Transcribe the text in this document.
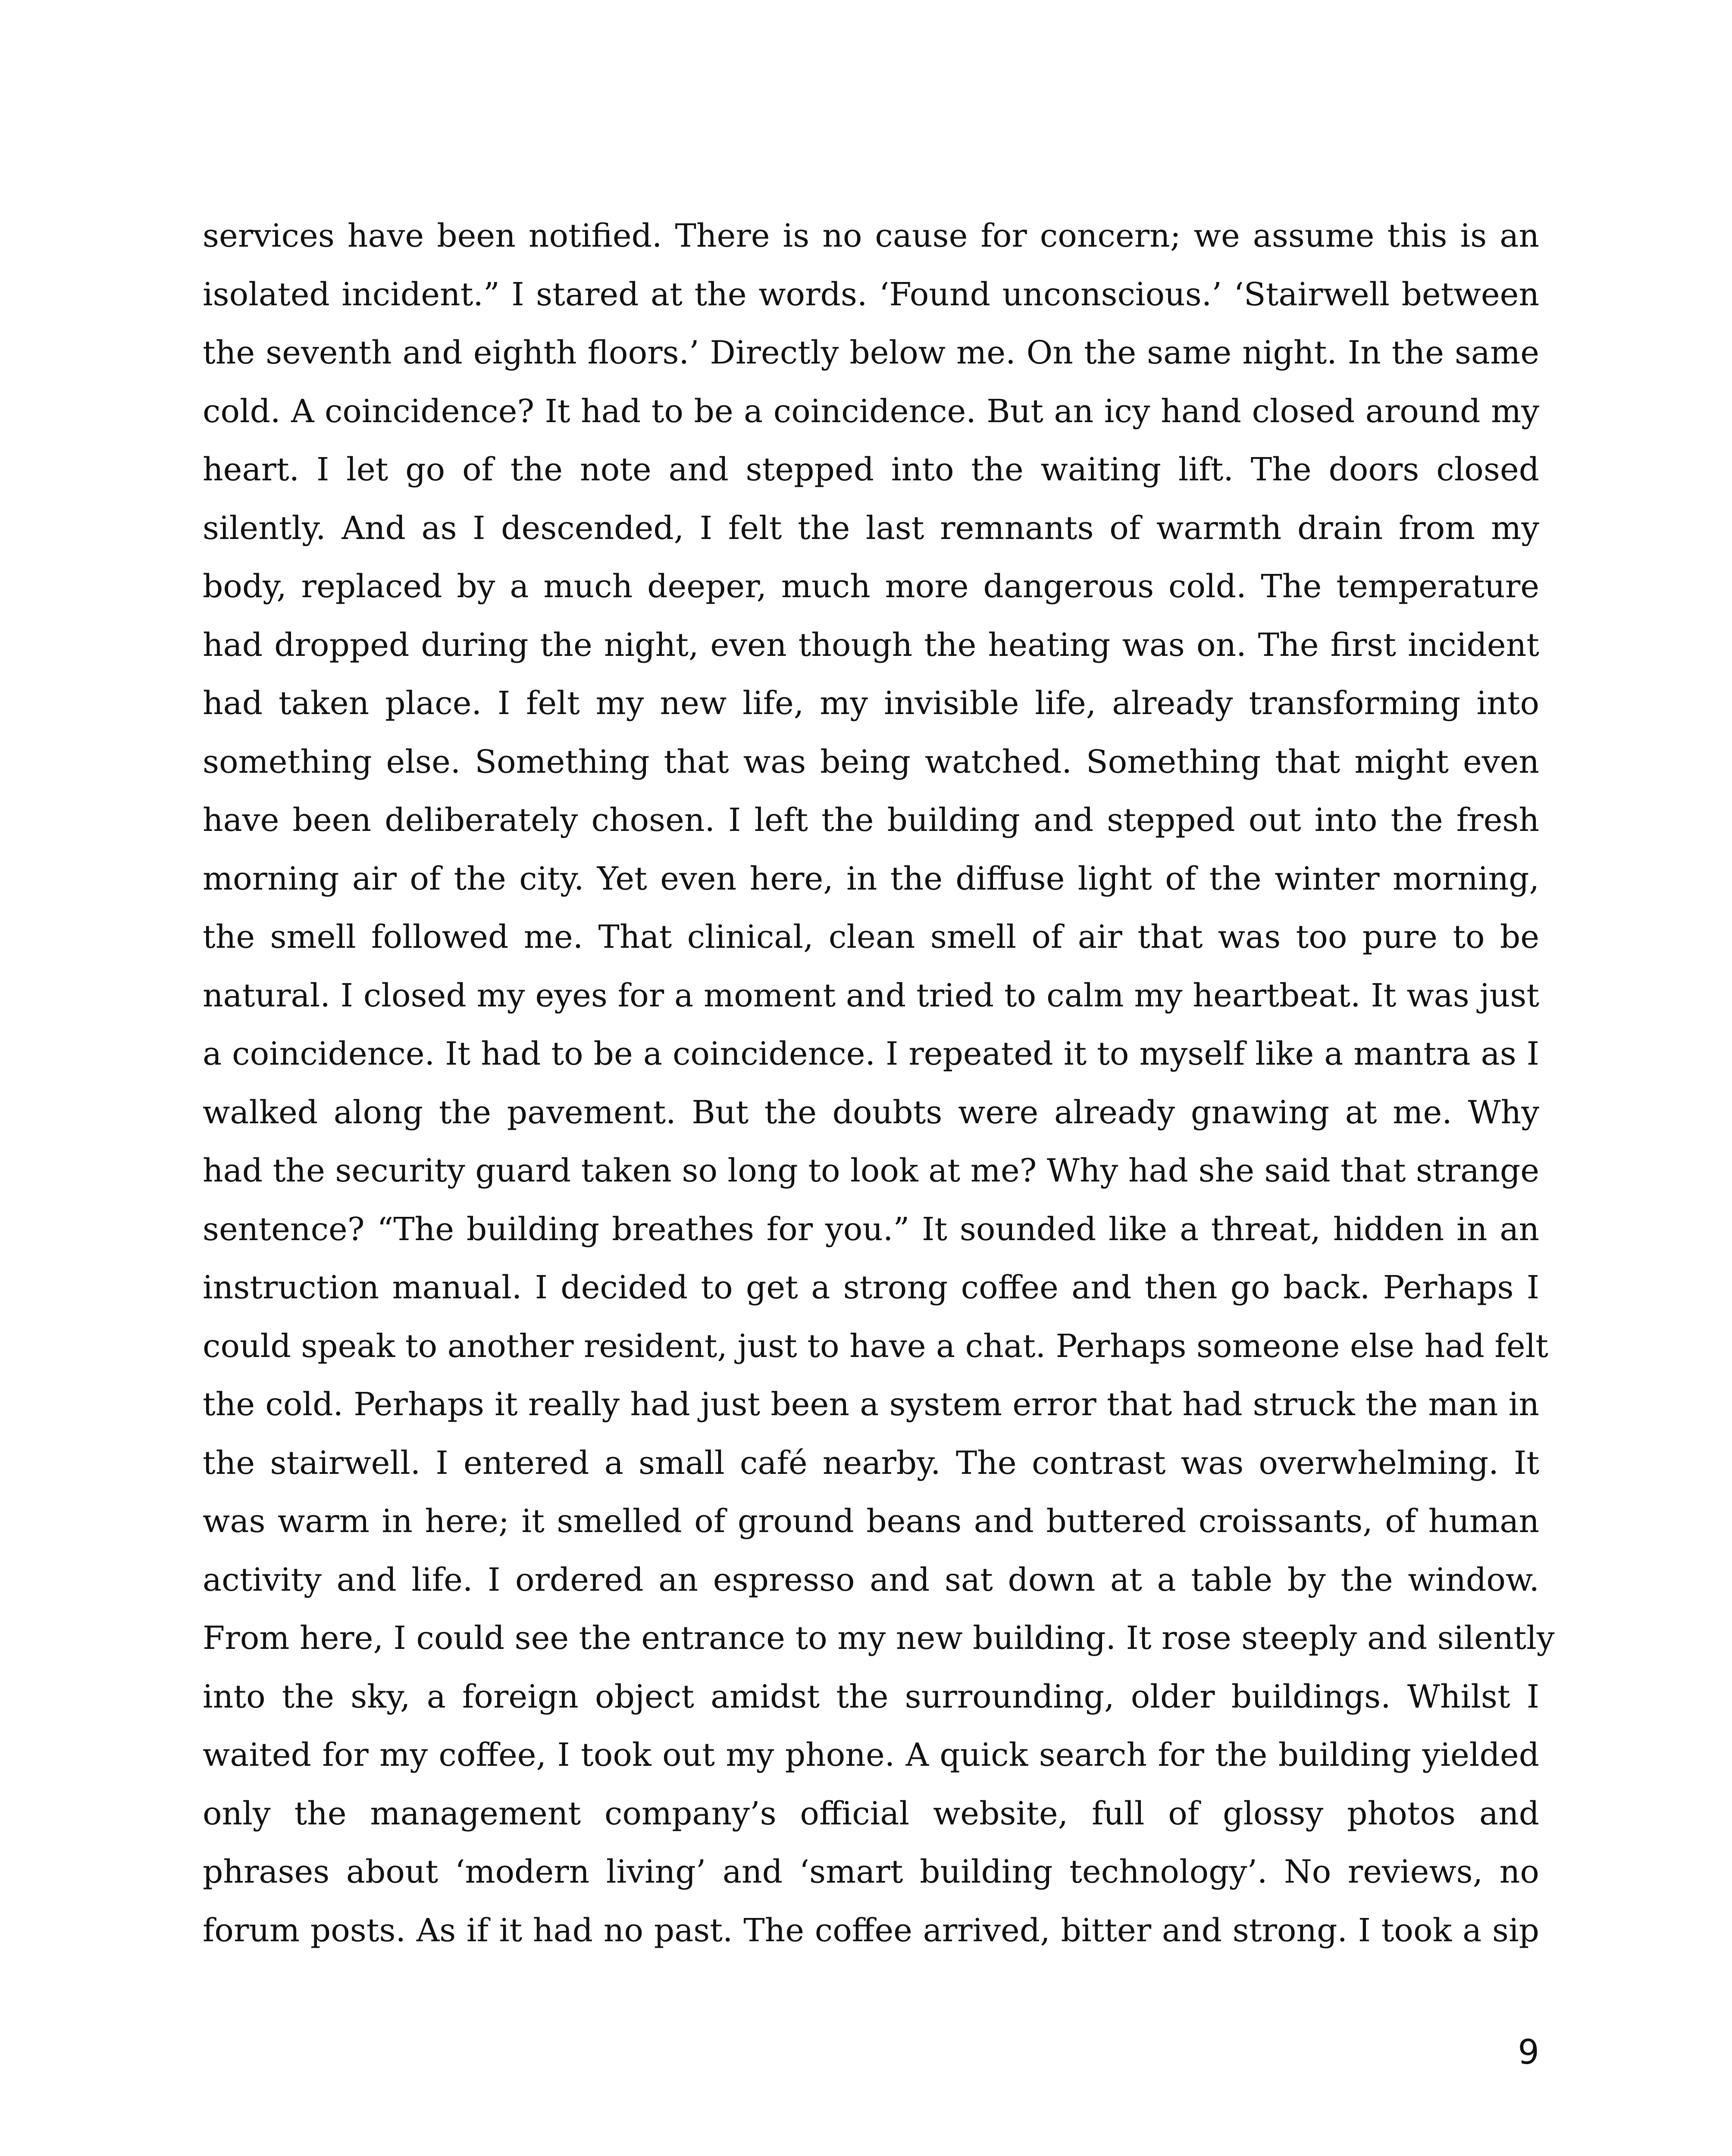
services have been notified. There is no cause for concern; we assume this is an
isolated incident.” I stared at the words. ‘Found unconscious.’ ‘Stairwell between
the seventh and eighth floors.’ Directly below me. On the same night. In the same
cold. A coincidence? It had to be a coincidence. But an icy hand closed around my
heart. I let go of the note and stepped into the waiting lift. The doors closed
silently. And as I descended, I felt the last remnants of warmth drain from my
body, replaced by a much deeper, much more dangerous cold. The temperature
had dropped during the night, even though the heating was on. The first incident
had taken place. I felt my new life, my invisible life, already transforming into
something else. Something that was being watched. Something that might even
have been deliberately chosen. I left the building and stepped out into the fresh
morning air of the city. Yet even here, in the diffuse light of the winter morning,
the smell followed me. That clinical, clean smell of air that was too pure to be
natural. I closed my eyes for a moment and tried to calm my heartbeat. It was just
a coincidence. It had to be a coincidence. I repeated it to myself like a mantra as I
walked along the pavement. But the doubts were already gnawing at me. Why
had the security guard taken so long to look at me? Why had she said that strange
sentence? “The building breathes for you.” It sounded like a threat, hidden in an
instruction manual. I decided to get a strong coffee and then go back. Perhaps I
could speak to another resident, just to have a chat. Perhaps someone else had felt
the cold. Perhaps it really had just been a system error that had struck the man in
the stairwell. I entered a small café nearby. The contrast was overwhelming. It
was warm in here; it smelled of ground beans and buttered croissants, of human
activity and life. I ordered an espresso and sat down at a table by the window.
From here, I could see the entrance to my new building. It rose steeply and silently
into the sky, a foreign object amidst the surrounding, older buildings. Whilst I
waited for my coffee, I took out my phone. A quick search for the building yielded
only the management company’s official website, full of glossy photos and
phrases about ‘modern living’ and ‘smart building technology’. No reviews, no
forum posts. As if it had no past. The coffee arrived, bitter and strong. I took a sip
9
